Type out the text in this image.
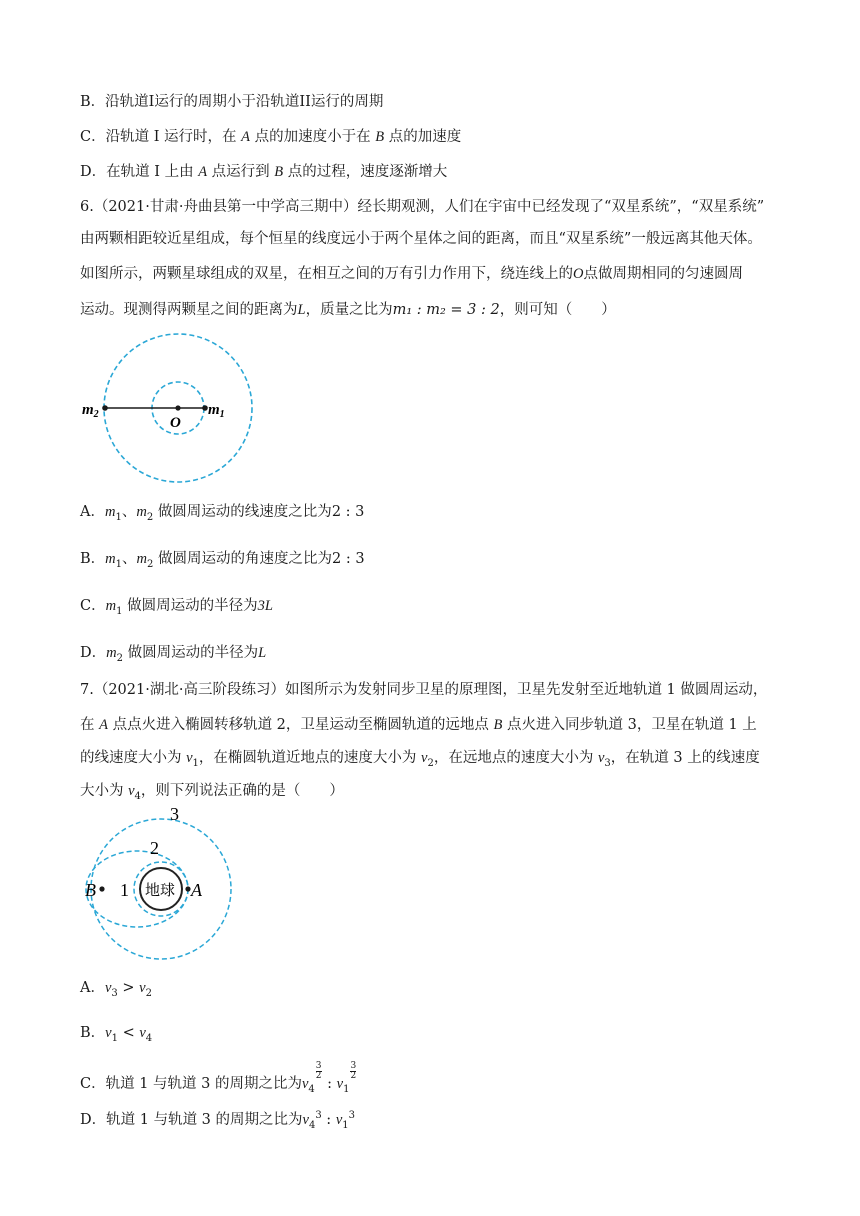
B．沿轨道I运行的周期小于沿轨道II运行的周期
C．沿轨道 I 运行时，在 A 点的加速度小于在 B 点的加速度
D．在轨道 I 上由 A 点运行到 B 点的过程，速度逐渐增大
6.（2021·甘肃·舟曲县第一中学高三期中）经长期观测，人们在宇宙中已经发现了“双星系统”，“双星系统”
由两颗相距较近星组成，每个恒星的线度远小于两个星体之间的距离，而且“双星系统”一般远离其他天体。
如图所示，两颗星球组成的双星，在相互之间的万有引力作用下，绕连线上的O点做周期相同的匀速圆周
运动。现测得两颗星之间的距离为L，质量之比为m₁ : m₂ = 3 : 2，则可知（　　）
$m_2$	$m_1$
O
A．$m_1$、$m_2$ 做圆周运动的线速度之比为2 : 3
B．$m_1$、$m_2$ 做圆周运动的角速度之比为2 : 3
C．$m_1$ 做圆周运动的半径为3L
D．$m_2$ 做圆周运动的半径为L
7.（2021·湖北·高三阶段练习）如图所示为发射同步卫星的原理图，卫星先发射至近地轨道 1 做圆周运动，
在 A 点点火进入椭圆转移轨道 2，卫星运动至椭圆轨道的远地点 B 点火进入同步轨道 3，卫星在轨道 1 上
的线速度大小为 $v_1$，在椭圆轨道近地点的速度大小为 $v_2$，在远地点的速度大小为 $v_3$，在轨道 3 上的线速度
大小为 $v_4$，则下列说法正确的是（　　）
3
2
1
B	A
地球
A．$v_3 > v_2$
B．$v_1 < v_4$
C．轨道 1 与轨道 3 的周期之比为$v_4$
$\frac{3}{2}$
: $v_1$
$\frac{3}{2}$
D．轨道 1 与轨道 3 的周期之比为$v_4^3$ : $v_1^3$
